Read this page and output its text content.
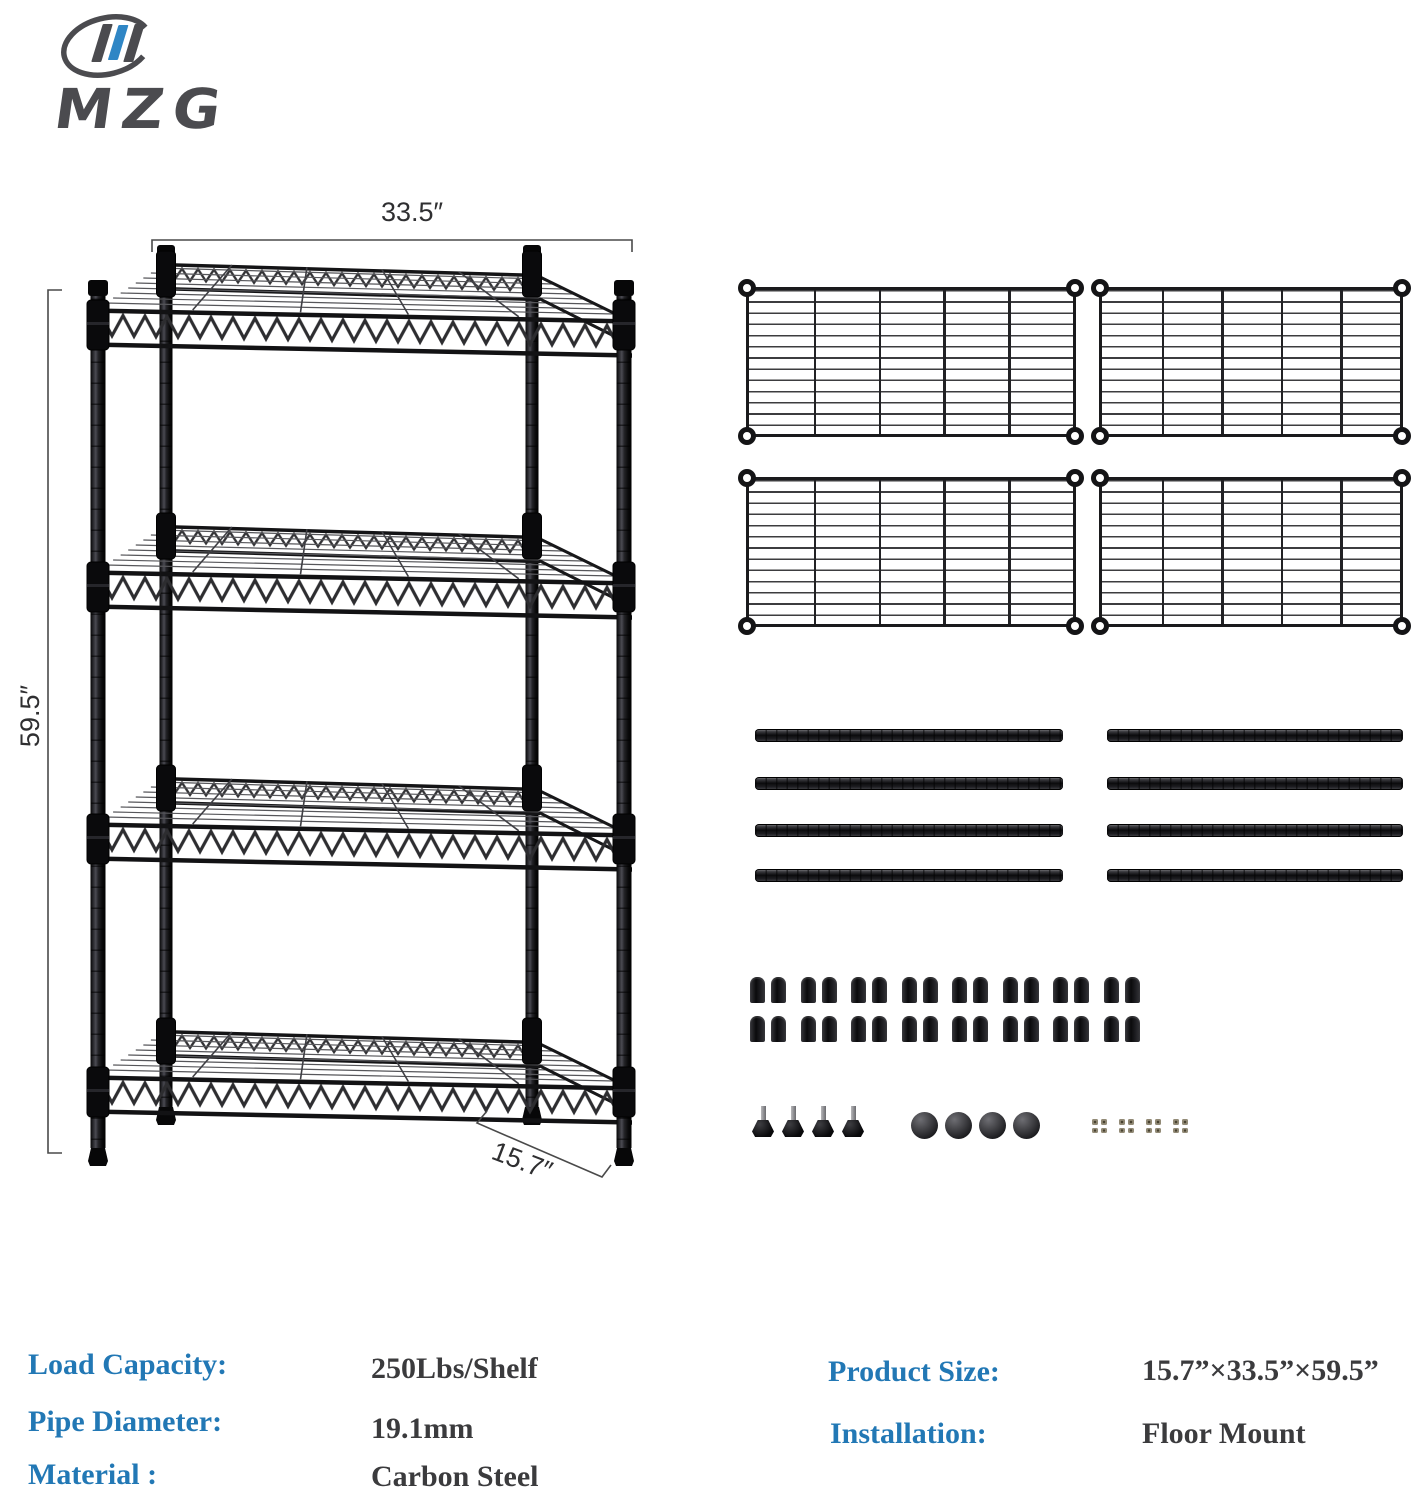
MZG
33.5″
59.5″
15.7″
Load Capacity:	250Lbs/Shelf
Pipe Diameter:	19.1mm
Material :	Carbon Steel
Product Size:	15.7”×33.5”×59.5”
Installation:	Floor Mount
